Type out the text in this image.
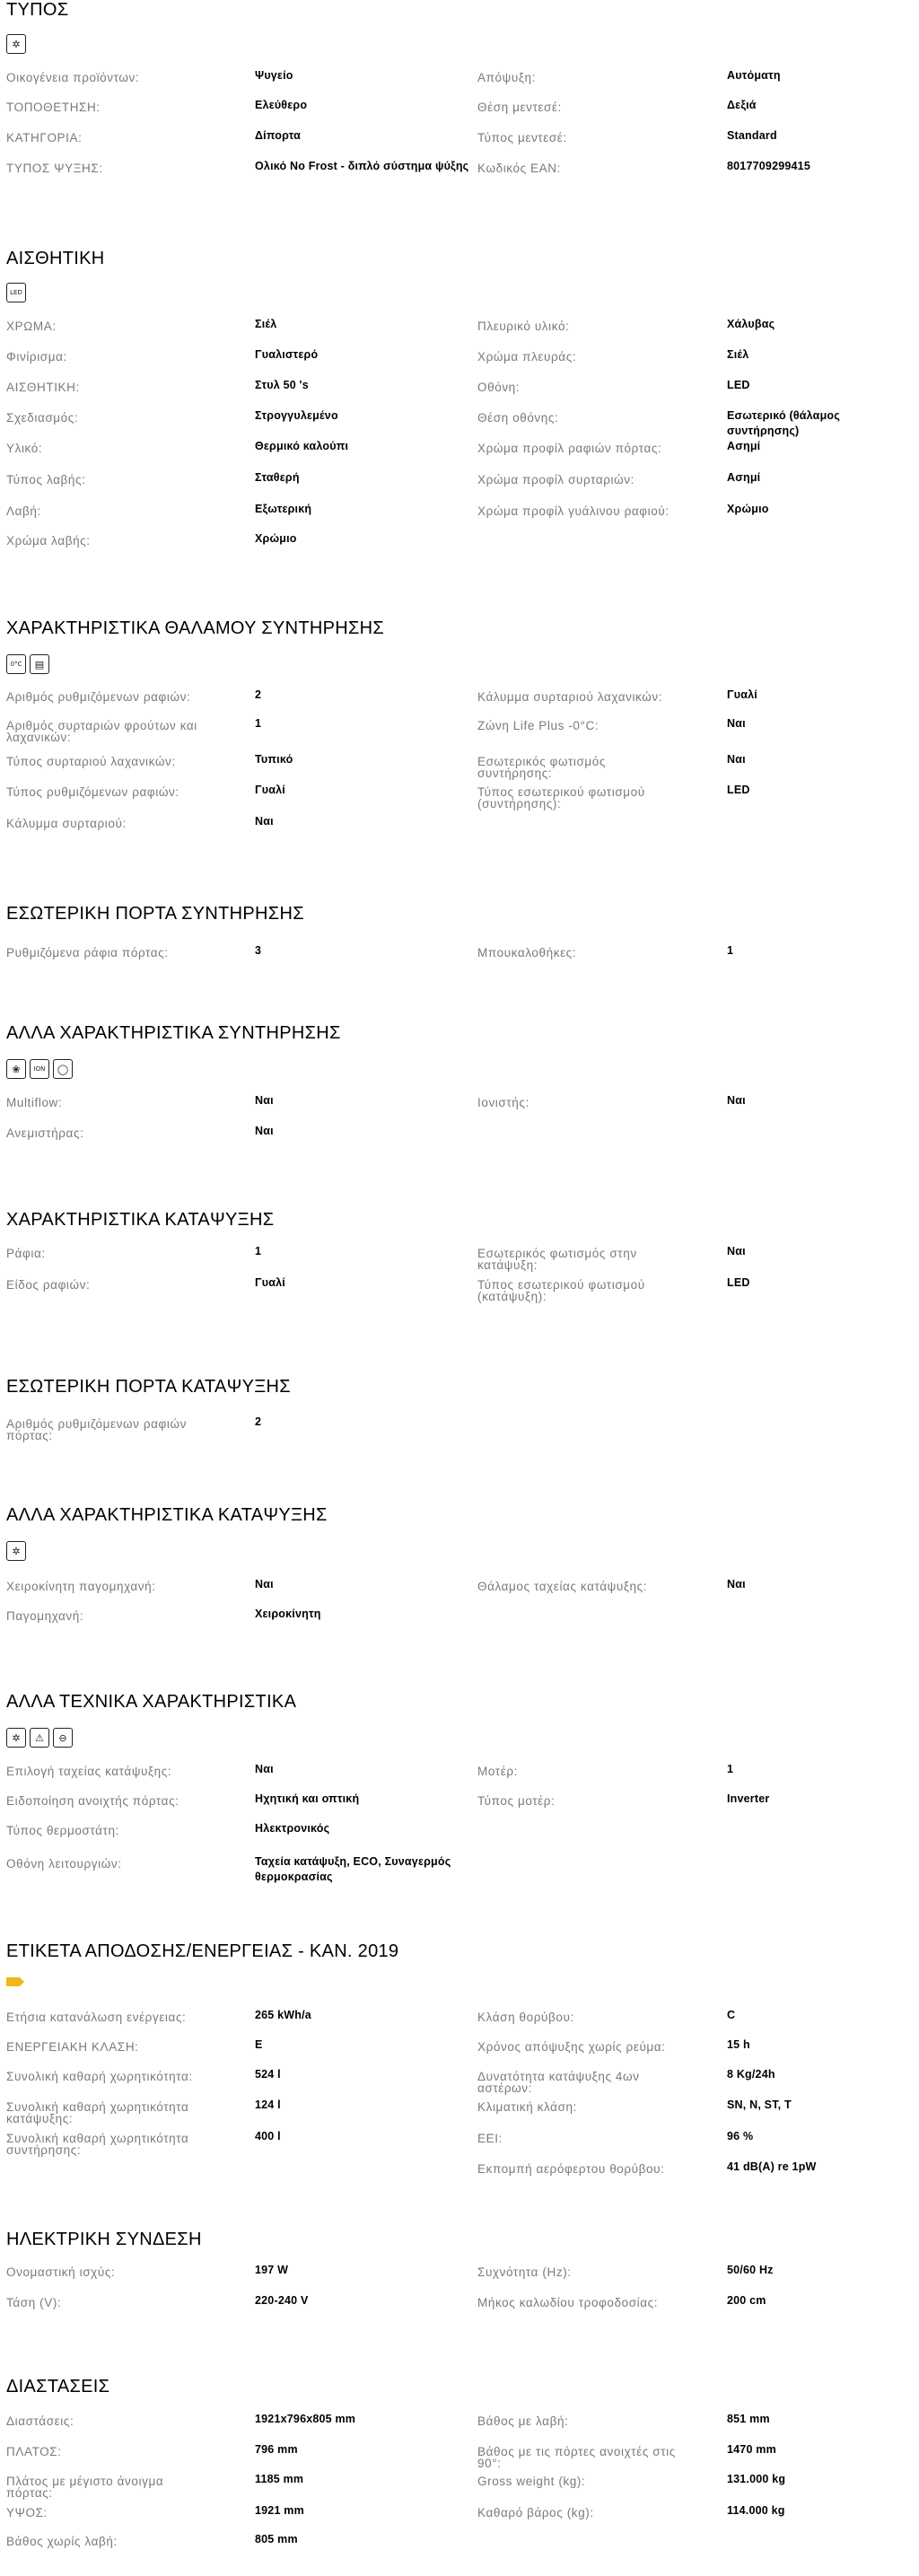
ΤΥΠΟΣ
✲
Οικογένεια προϊόντων:	Ψυγείο	Απόψυξη:	Αυτόματη
ΤΟΠΟΘΕΤΗΣΗ:	Ελεύθερο	Θέση μεντεσέ:	Δεξιά
ΚΑΤΗΓΟΡΙΑ:	Δίπορτα	Τύπος μεντεσέ:	Standard
ΤΥΠΟΣ ΨΥΞΗΣ:	Ολικό No Frost - διπλό σύστημα ψύξης Κωδικός EAN:	8017709299415
ΑΙΣΘΗΤΙΚΗ
LED
ΧΡΩΜΑ:	Σιέλ	Πλευρικό υλικό:	Χάλυβας
Φινίρισμα:	Γυαλιστερό	Χρώμα πλευράς:	Σιέλ
ΑΙΣΘΗΤΙΚΗ:	Στυλ 50 's	Οθόνη:	LED
Σχεδιασμός:	Στρογγυλεμένο	Θέση οθόνης:	Εσωτερικό (θάλαμος συντήρησης)
Υλικό:	Θερμικό καλούπι	Χρώμα προφίλ ραφιών πόρτας:	Ασημί
Τύπος λαβής:	Σταθερή	Χρώμα προφίλ συρταριών:	Ασημί
Λαβή:	Εξωτερική	Χρώμα προφίλ γυάλινου ραφιού:	Χρώμιο
Χρώμα λαβής:	Χρώμιο
ΧΑΡΑΚΤΗΡΙΣΤΙΚΑ ΘΑΛΑΜΟΥ ΣΥΝΤΗΡΗΣΗΣ
0°C	▤
Αριθμός ρυθμιζόμενων ραφιών:	2	Κάλυμμα συρταριού λαχανικών:	Γυαλί
Αριθμός συρταριών φρούτων και λαχανικών:
1	Ζώνη Life Plus -0°C:	Ναι
Τύπος συρταριού λαχανικών:	Τυπικό	Εσωτερικός φωτισμός συντήρησης:
Ναι
Τύπος ρυθμιζόμενων ραφιών:	Γυαλί	Τύπος εσωτερικού φωτισμού (συντήρησης):
LED
Κάλυμμα συρταριού:	Ναι
ΕΣΩΤΕΡΙΚΗ ΠΟΡΤΑ ΣΥΝΤΗΡΗΣΗΣ
Ρυθμιζόμενα ράφια πόρτας:	3	Μπουκαλοθήκες:	1
ΑΛΛΑ ΧΑΡΑΚΤΗΡΙΣΤΙΚΑ ΣΥΝΤΗΡΗΣΗΣ
❀	ION	◯
Multiflow:	Ναι	Ιονιστής:	Ναι
Ανεμιστήρας:	Ναι
ΧΑΡΑΚΤΗΡΙΣΤΙΚΑ ΚΑΤΑΨΥΞΗΣ
Ράφια:	1	Εσωτερικός φωτισμός στην κατάψυξη:
Ναι
Είδος ραφιών:	Γυαλί	Τύπος εσωτερικού φωτισμού (κατάψυξη):
LED
ΕΣΩΤΕΡΙΚΗ ΠΟΡΤΑ ΚΑΤΑΨΥΞΗΣ
Αριθμός ρυθμιζόμενων ραφιών πόρτας:
2
ΑΛΛΑ ΧΑΡΑΚΤΗΡΙΣΤΙΚΑ ΚΑΤΑΨΥΞΗΣ
✲
Χειροκίνητη παγομηχανή:	Ναι	Θάλαμος ταχείας κατάψυξης:	Ναι
Παγομηχανή:	Χειροκίνητη
ΑΛΛΑ ΤΕΧΝΙΚΑ ΧΑΡΑΚΤΗΡΙΣΤΙΚΑ
✲	⚠	⊖
Επιλογή ταχείας κατάψυξης:	Ναι	Μοτέρ:	1
Ειδοποίηση ανοιχτής πόρτας:	Ηχητική και οπτική	Τύπος μοτέρ:	Inverter
Τύπος θερμοστάτη:	Ηλεκτρονικός
Οθόνη λειτουργιών:	Ταχεία κατάψυξη, ECO, Συναγερμός θερμοκρασίας
ΕΤΙΚΕΤΑ ΑΠΟΔΟΣΗΣ/ΕΝΕΡΓΕΙΑΣ - ΚΑΝ. 2019
Ετήσια κατανάλωση ενέργειας:	265 kWh/a	Κλάση θορύβου:	C
ΕΝΕΡΓΕΙΑΚΗ ΚΛΑΣΗ:	E	Χρόνος απόψυξης χωρίς ρεύμα:	15 h
Συνολική καθαρή χωρητικότητα:	524 l	Δυνατότητα κατάψυξης 4ων αστέρων:
8 Kg/24h
Συνολική καθαρή χωρητικότητα κατάψυξης:
124 l	Κλιματική κλάση:	SN, N, ST, T
Συνολική καθαρή χωρητικότητα συντήρησης:
400 l	EEI:	96 %
Εκπομπή αερόφερτου θορύβου:	41 dB(A) re 1pW
ΗΛΕΚΤΡΙΚΗ ΣΥΝΔΕΣΗ
Ονομαστική ισχύς:	197 W	Συχνότητα (Hz):	50/60 Hz
Τάση (V):	220-240 V	Μήκος καλωδίου τροφοδοσίας:	200 cm
ΔΙΑΣΤΑΣΕΙΣ
Διαστάσεις:	1921x796x805 mm	Βάθος με λαβή:	851 mm
ΠΛΑΤΟΣ:	796 mm	Βάθος με τις πόρτες ανοιχτές στις 90°:
1470 mm
Πλάτος με μέγιστο άνοιγμα πόρτας:
1185 mm	Gross weight (kg):	131.000 kg
ΥΨΟΣ:	1921 mm	Καθαρό βάρος (kg):	114.000 kg
Βάθος χωρίς λαβή:	805 mm
